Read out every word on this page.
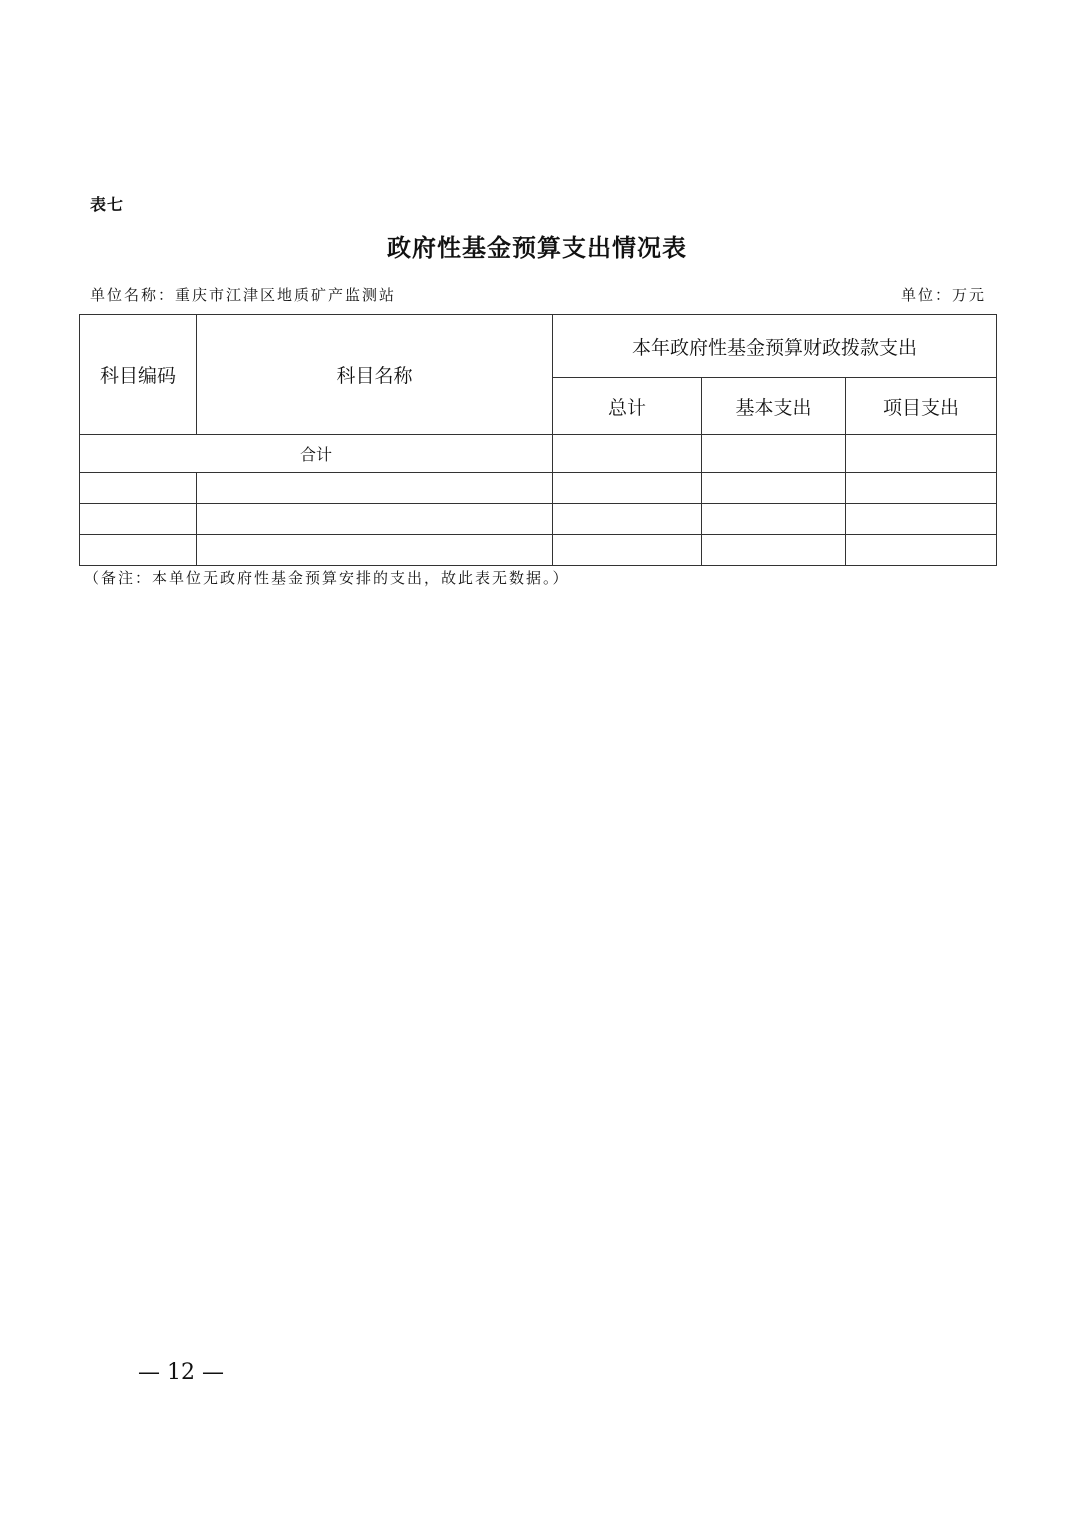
表七
政府性基金预算支出情况表
单位名称：重庆市江津区地质矿产监测站	单位：万元
科目编码	科目名称	本年政府性基金预算财政拨款支出		
		总计	基本支出	项目支出
合计				

（备注：本单位无政府性基金预算安排的支出，故此表无数据。）
— 12 —
